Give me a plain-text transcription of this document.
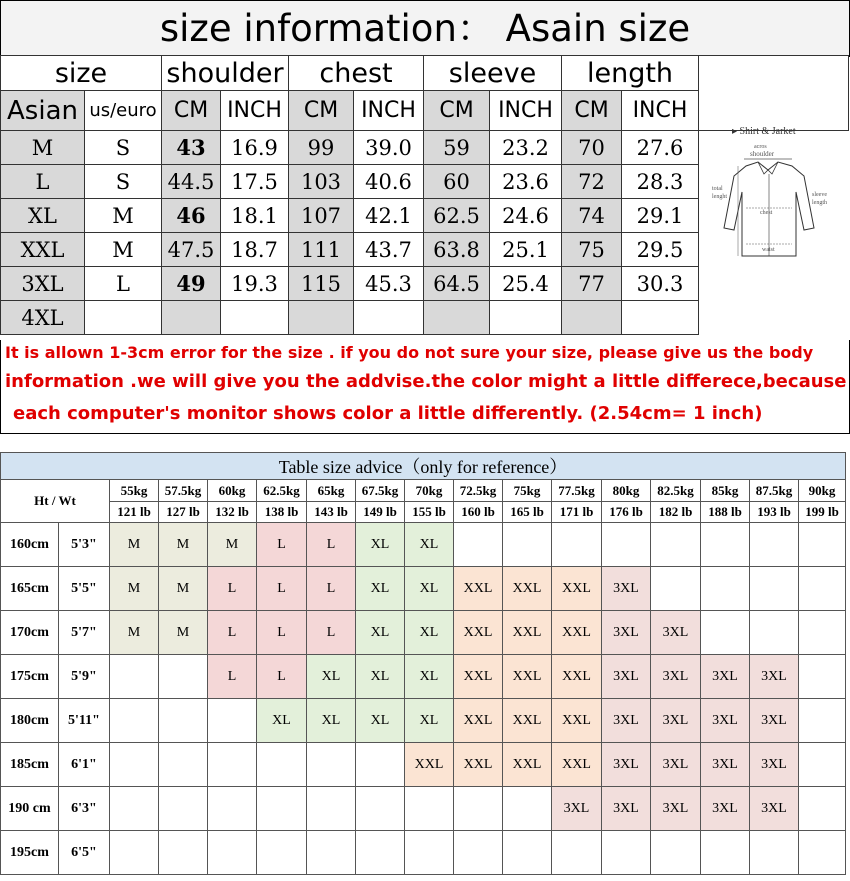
size information： Asain size
size		shoulder		chest		sleeve		length		
Asian	us/euro	CM	INCH	CM	INCH	CM	INCH	CM	INCH	
M	S	43	16.9	99	39.0	59	23.2	70	27.6	
L	S	44.5	17.5	103	40.6	60	23.6	72	28.3	
XL	M	46	18.1	107	42.1	62.5	24.6	74	29.1	
XXL	M	47.5	18.7	111	43.7	63.8	25.1	75	29.5	
3XL	L	49	19.3	115	45.3	64.5	25.4	77	30.3	
4XL										
▸ Shirt & Jarket
acros
shoulder
chest
waist
total
lenght	sleeve
length
It is allown 1-3cm error for the size . if you do not sure your size, please give us the body
information .we will give you the addvise.the color might a little differece,because
each computer's monitor shows color a little differently. (2.54cm= 1 inch)
Table size advice（only for reference）																
Ht / Wt		55kg	57.5kg	60kg	62.5kg	65kg	67.5kg	70kg	72.5kg	75kg	77.5kg	80kg	82.5kg	85kg	87.5kg	90kg
		121 lb	127 lb	132 lb	138 lb	143 lb	149 lb	155 lb	160 lb	165 lb	171 lb	176 lb	182 lb	188 lb	193 lb	199 lb
160cm	5'3"	M	M	M	L	L	XL	XL								
165cm	5'5"	M	M	L	L	L	XL	XL	XXL	XXL	XXL	3XL				
170cm	5'7"	M	M	L	L	L	XL	XL	XXL	XXL	XXL	3XL	3XL			
175cm	5'9"			L	L	XL	XL	XL	XXL	XXL	XXL	3XL	3XL	3XL	3XL	
180cm	5'11"				XL	XL	XL	XL	XXL	XXL	XXL	3XL	3XL	3XL	3XL	
185cm	6'1"							XXL	XXL	XXL	XXL	3XL	3XL	3XL	3XL	
190 cm	6'3"										3XL	3XL	3XL	3XL	3XL	
195cm	6'5"															
